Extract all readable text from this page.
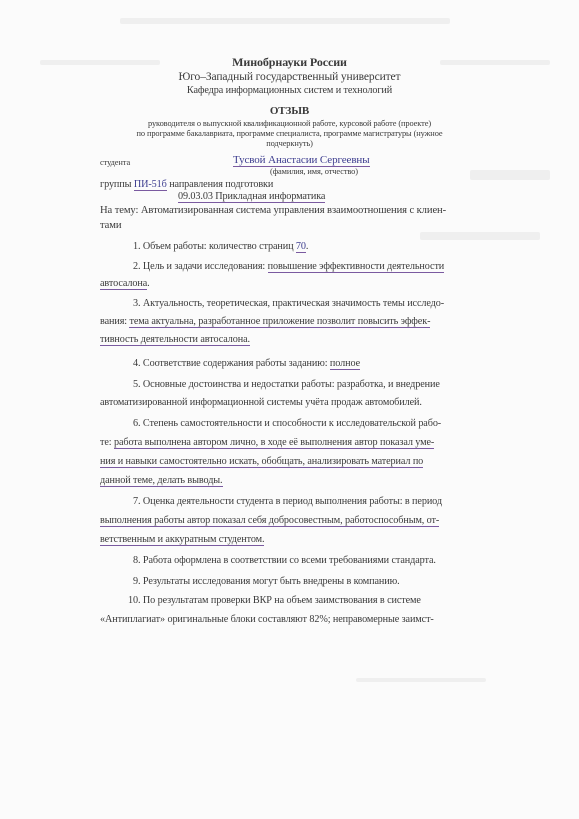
Минобрнауки России
Юго–Западный государственный университет
Кафедра информационных систем и технологий
ОТЗЫВ
руководителя о выпускной квалификационной работе, курсовой работе (проекте)
по программе бакалавриата, программе специалиста, программе магистратуры (нужное
подчеркнуть)
студента	Тусвой Анастасии Сергеевны
(фамилия, имя, отчество)
группы ПИ-51б направления подготовки
09.03.03 Прикладная информатика
На тему: Автоматизированная система управления взаимоотношения с клиен-
тами
1. Объем работы: количество страниц 70.
2. Цель и задачи исследования: повышение эффективности деятельности
автосалона.
3. Актуальность, теоретическая, практическая значимость темы исследо-
вания: тема актуальна, разработанное приложение позволит повысить эффек-
тивность деятельности автосалона.
4. Соответствие содержания работы заданию: полное
5. Основные достоинства и недостатки работы: разработка, и внедрение
автоматизированной информационной системы учёта продаж автомобилей.
6. Степень самостоятельности и способности к исследовательской рабо-
те: работа выполнена автором лично, в ходе её выполнения автор показал уме-
ния и навыки самостоятельно искать, обобщать, анализировать материал по
данной теме, делать выводы.
7. Оценка деятельности студента в период выполнения работы: в период
выполнения работы автор показал себя добросовестным, работоспособным, от-
ветственным и аккуратным студентом.
8. Работа оформлена в соответствии со всеми требованиями стандарта.
9. Результаты исследования могут быть внедрены в компанию.
10. По результатам проверки ВКР на объем заимствования в системе
«Антиплагиат» оригинальные блоки составляют 82%; неправомерные заимст-
